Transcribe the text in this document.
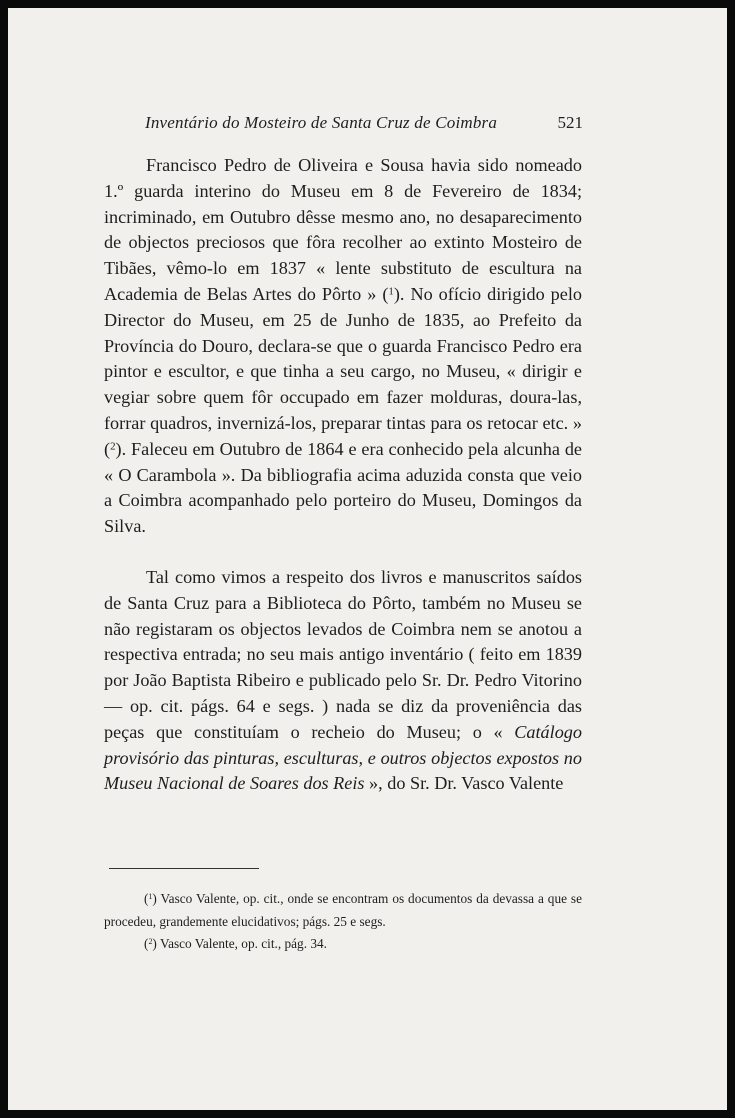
Inventário do Mosteiro de Santa Cruz de Coimbra	521

Francisco Pedro de Oliveira e Sousa havia sido nomeado 1.º guarda interino do Museu em 8 de Fevereiro de 1834; incriminado, em Outubro dêsse mesmo ano, no desaparecimento de objectos preciosos que fôra recolher ao extinto Mosteiro de Tibães, vêmo-lo em 1837 « lente substituto de escultura na Academia de Belas Artes do Pôrto » ($^1$). No ofício dirigido pelo Director do Museu, em 25 de Junho de 1835, ao Prefeito da Província do Douro, declara-se que o guarda Francisco Pedro era pintor e escultor, e que tinha a seu cargo, no Museu, « dirigir e vegiar sobre quem fôr occupado em fazer molduras, doura-las, forrar quadros, invernizá-los, preparar tintas para os retocar etc. » ($^2$). Faleceu em Outubro de 1864 e era conhecido pela alcunha de « O Carambola ». Da bibliografia acima aduzida consta que veio a Coimbra acompanhado pelo porteiro do Museu, Domingos da Silva.

Tal como vimos a respeito dos livros e manuscritos saídos de Santa Cruz para a Biblioteca do Pôrto, também no Museu se não registaram os objectos levados de Coimbra nem se anotou a respectiva entrada; no seu mais antigo inventário ( feito em 1839 por João Baptista Ribeiro e publicado pelo Sr. Dr. Pedro Vitorino — op. cit. págs. 64 e segs. ) nada se diz da proveniência das peças que constituíam o recheio do Museu; o « Catálogo provisório das pinturas, esculturas, e outros objectos expostos no Museu Nacional de Soares dos Reis », do Sr. Dr. Vasco Valente

($^1$) Vasco Valente, op. cit., onde se encontram os documentos da devassa a que se procedeu, grandemente elucidativos; págs. 25 e segs.

($^2$) Vasco Valente, op. cit., pág. 34.
